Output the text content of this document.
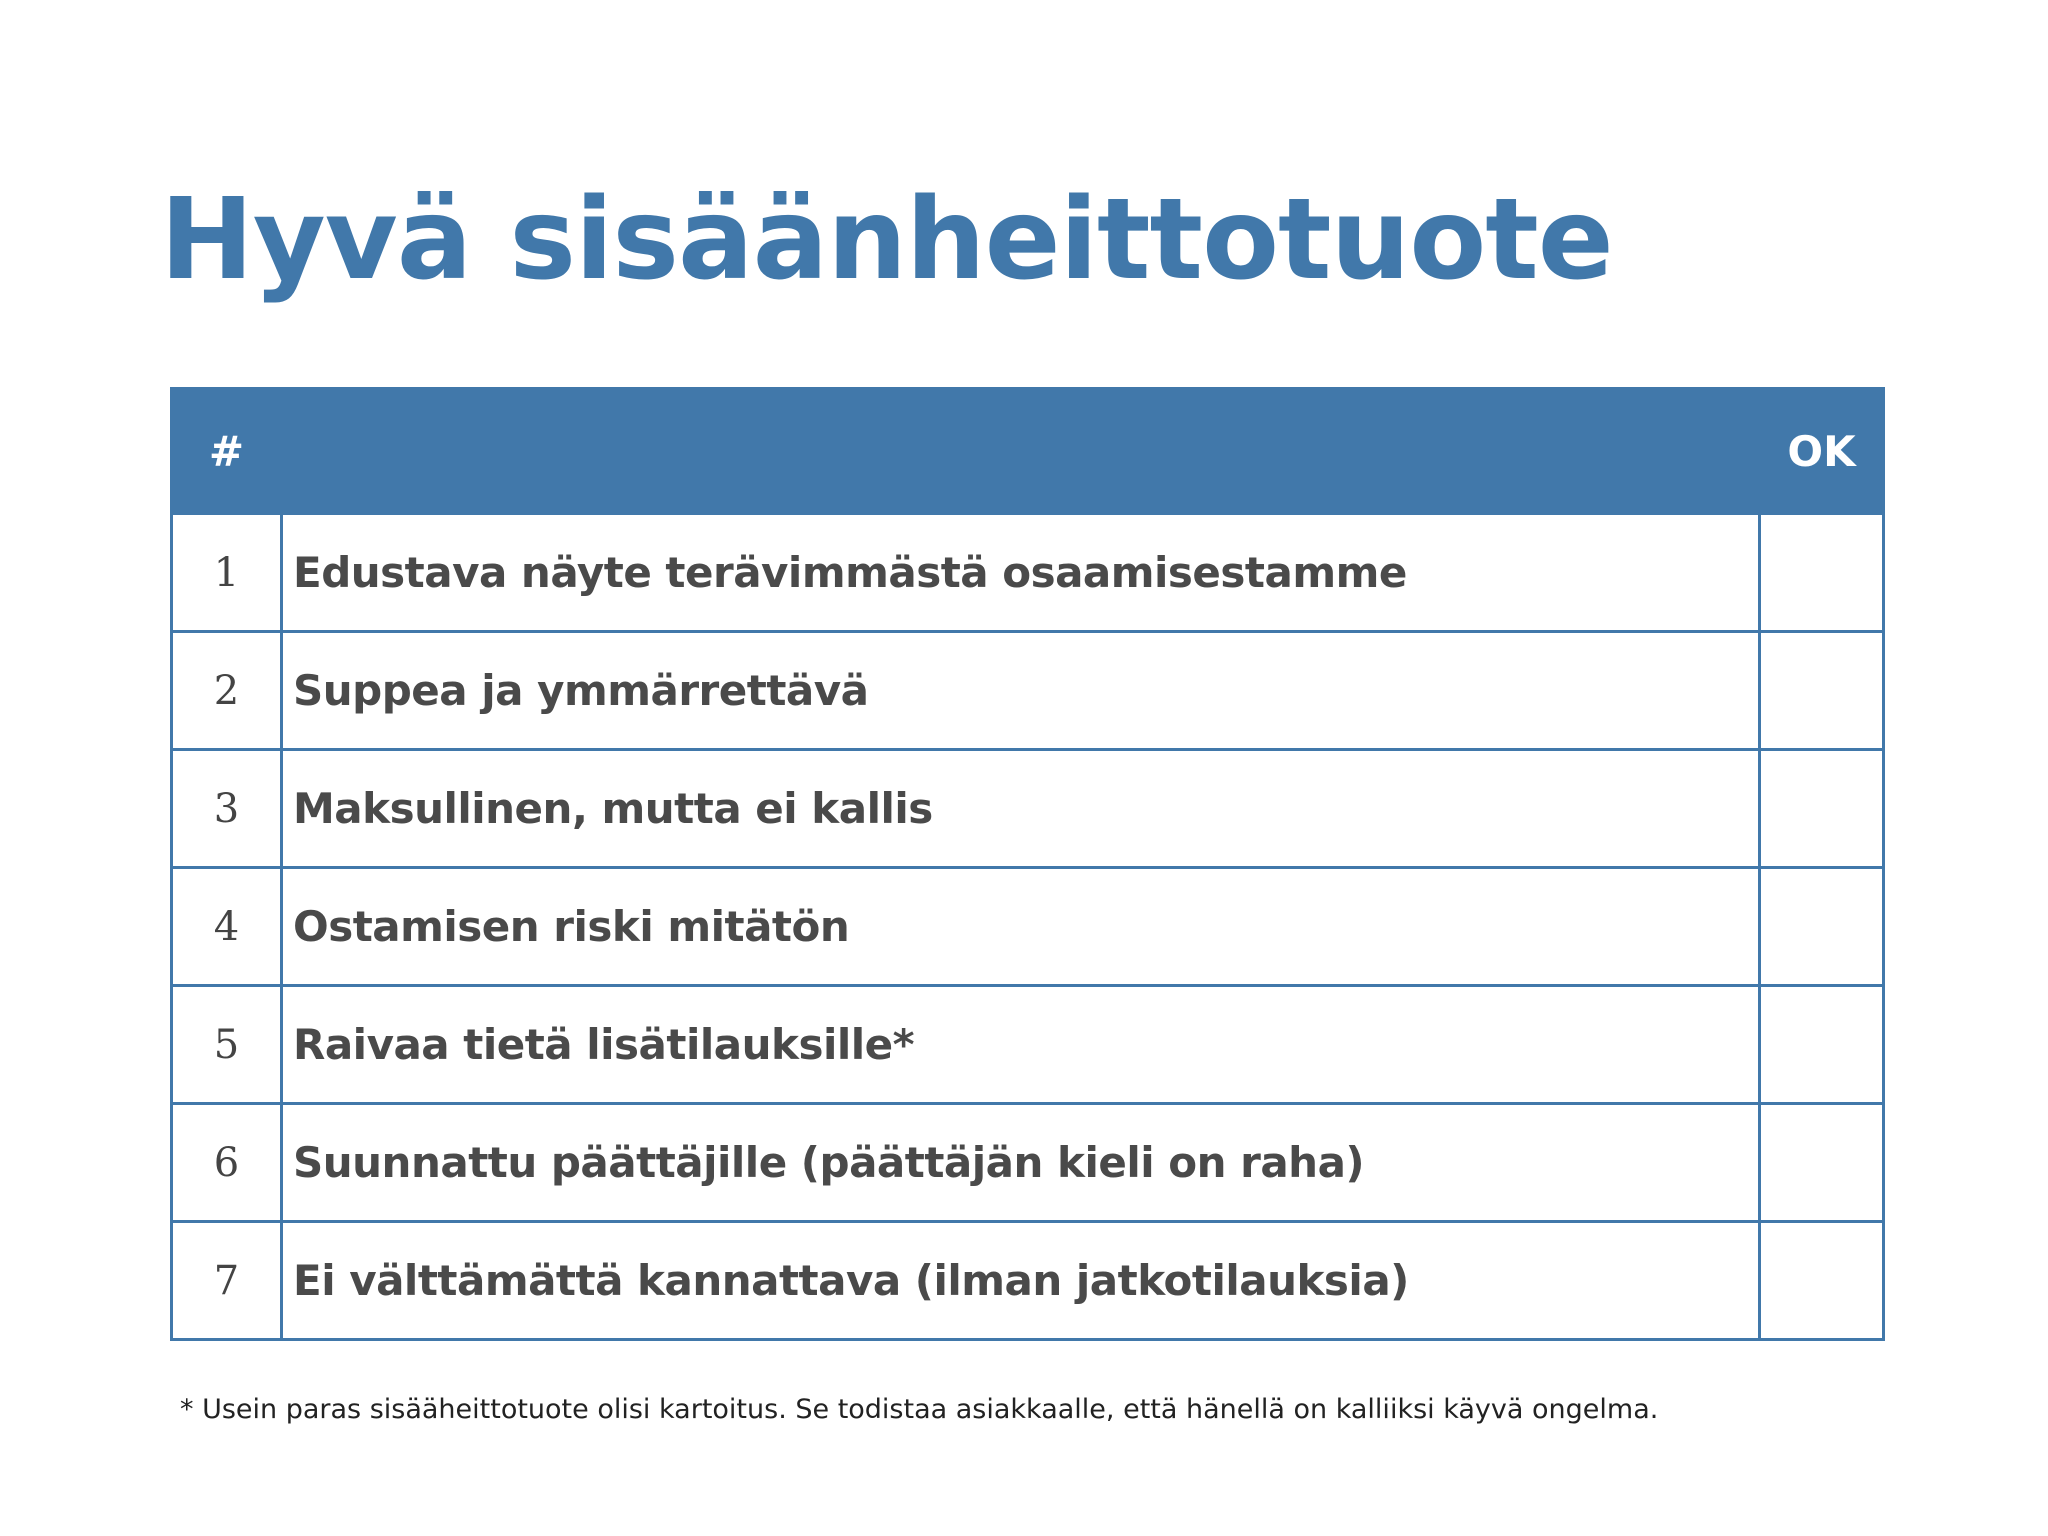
Hyvä sisäänheittotuote
#		OK
1	Edustava näyte terävimmästä osaamisestamme	
2	Suppea ja ymmärrettävä	
3	Maksullinen, mutta ei kallis	
4	Ostamisen riski mitätön	
5	Raivaa tietä lisätilauksille*	
6	Suunnattu päättäjille (päättäjän kieli on raha)	
7	Ei välttämättä kannattava (ilman jatkotilauksia)	

* Usein paras sisääheittotuote olisi kartoitus. Se todistaa asiakkaalle, että hänellä on kalliiksi käyvä ongelma.
